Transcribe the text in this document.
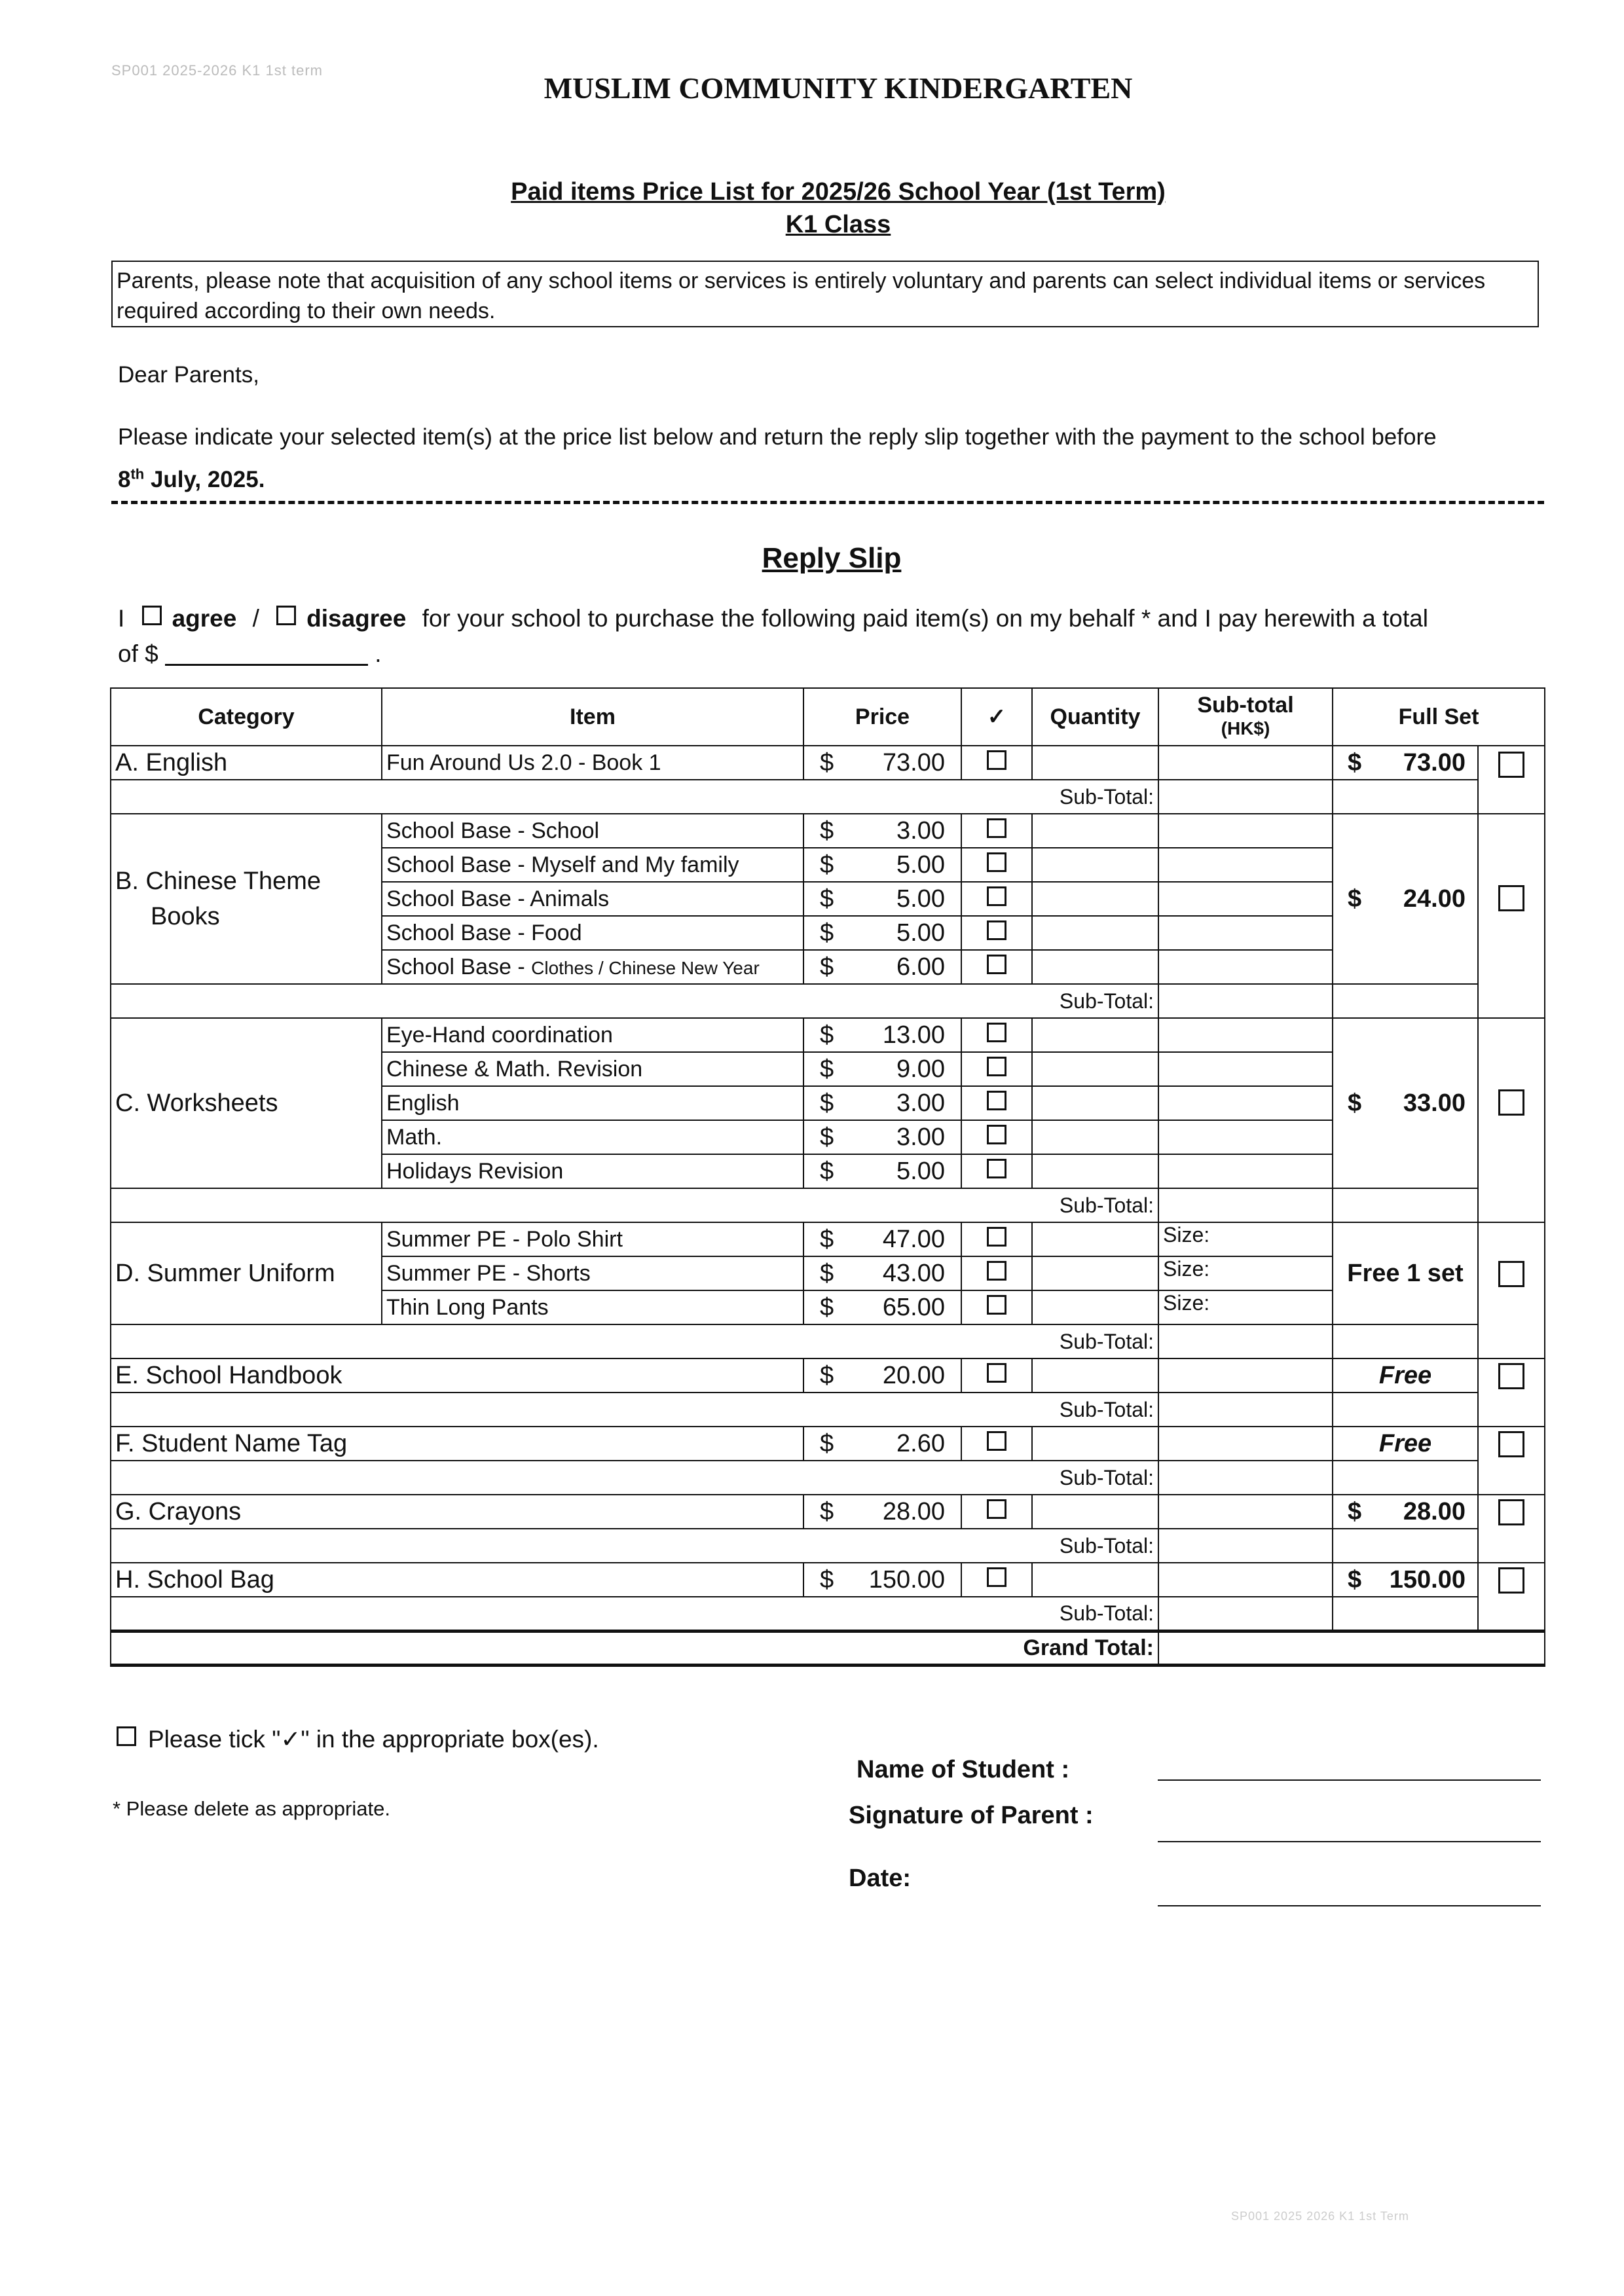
SP001 2025-2026 K1 1st term
MUSLIM COMMUNITY KINDERGARTEN
Paid items Price List for 2025/26 School Year (1st Term)
K1 Class
Parents, please note that acquisition of any school items or services is entirely voluntary and parents can select individual items or services required according to their own needs.
Dear Parents,
Please indicate your selected item(s) at the price list below and return the reply slip together with the payment to the school before
8th July, 2025.
Reply Slip
I agree / disagree for your school to purchase the following paid item(s) on my behalf * and I pay herewith a total
of $	.
Category	Item	Price	✓	Quantity	Sub-total
(HK$)	Full Set	
A. English	Fun Around Us 2.0 - Book 1	$ 73.00				$ 73.00	

Sub-Total:							
B. Chinese Theme
Books	School Base - School	$ 3.00				$ 24.00	

	School Base - Myself and My family	$ 5.00					

	School Base - Animals	$ 5.00					

	School Base - Food	$ 5.00					

	School Base - Clothes / Chinese New Year	$ 6.00					

Sub-Total:							
C. Worksheets	Eye-Hand coordination	$ 13.00				$ 33.00	

	Chinese & Math. Revision	$ 9.00					

	English	$ 3.00					

	Math.	$ 3.00					

	Holidays Revision	$ 5.00					

Sub-Total:							
D. Summer Uniform	Summer PE - Polo Shirt	$ 47.00			Size:	Free 1 set	
	Summer PE - Shorts	$ 43.00			Size:		
	Thin Long Pants	$ 65.00			Size:		
Sub-Total:							
E. School Handbook		$ 20.00				Free	
Sub-Total:							
F. Student Name Tag		$ 2.60				Free	
Sub-Total:							
G. Crayons		$ 28.00				$ 28.00	

Sub-Total:							
H. School Bag		$ 150.00				$ 150.00	

Sub-Total:							
Grand Total:							
Please tick "✓" in the appropriate box(es).
* Please delete as appropriate.
Name of Student :
Signature of Parent :
Date:
SP001 2025 2026 K1 1st Term
